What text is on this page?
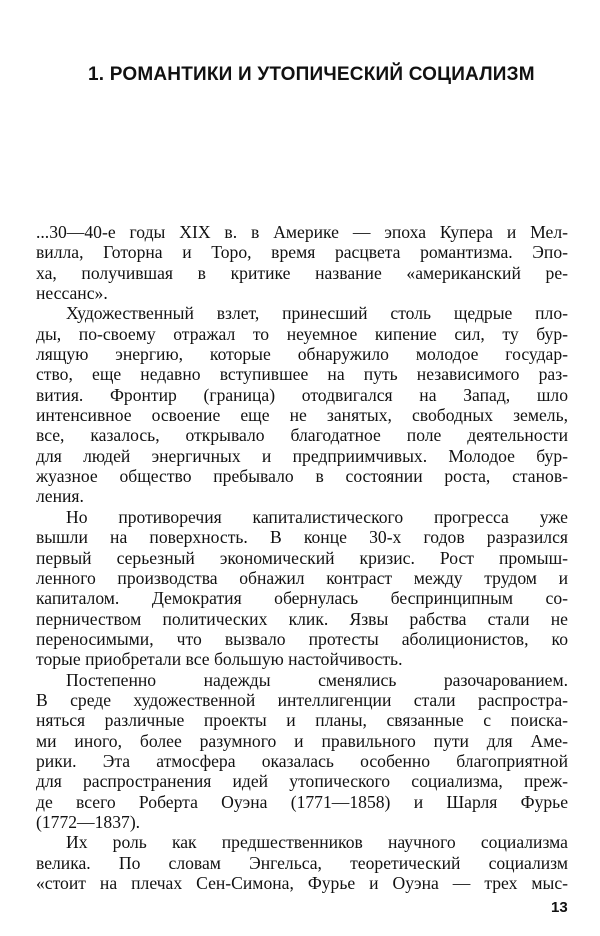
1. РОМАНТИКИ И УТОПИЧЕСКИЙ СОЦИАЛИЗМ
...30—40-е годы XIX в. в Америке — эпоха Купера и Мел-
вилла, Готорна и Торо, время расцвета романтизма. Эпо-
ха, получившая в критике название «американский ре-
нессанс».
Художественный взлет, принесший столь щедрые пло-
ды, по-своему отражал то неуемное кипение сил, ту бур-
лящую энергию, которые обнаружило молодое государ-
ство, еще недавно вступившее на путь независимого раз-
вития. Фронтир (граница) отодвигался на Запад, шло
интенсивное освоение еще не занятых, свободных земель,
все, казалось, открывало благодатное поле деятельности
для людей энергичных и предприимчивых. Молодое бур-
жуазное общество пребывало в состоянии роста, станов-
ления.
Но противоречия капиталистического прогресса уже
вышли на поверхность. В конце 30-х годов разразился
первый серьезный экономический кризис. Рост промыш-
ленного производства обнажил контраст между трудом и
капиталом. Демократия обернулась беспринципным со-
перничеством политических клик. Язвы рабства стали не
переносимыми, что вызвало протесты аболиционистов, ко
торые приобретали все большую настойчивость.
Постепенно надежды сменялись разочарованием.
В среде художественной интеллигенции стали распростра-
няться различные проекты и планы, связанные с поиска-
ми иного, более разумного и правильного пути для Аме-
рики. Эта атмосфера оказалась особенно благоприятной
для распространения идей утопического социализма, преж-
де всего Роберта Оуэна (1771—1858) и Шарля Фурье
(1772—1837).
Их роль как предшественников научного социализма
велика. По словам Энгельса, теоретический социализм
«стоит на плечах Сен-Симона, Фурье и Оуэна — трех мыс-
13
